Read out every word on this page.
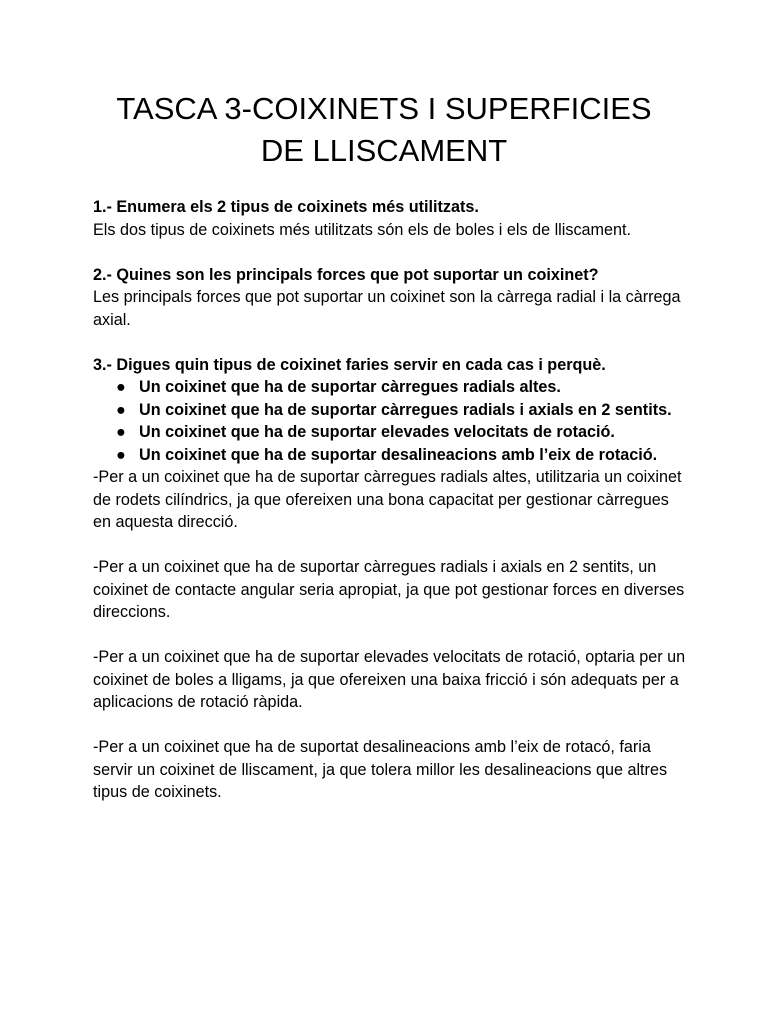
TASCA 3-COIXINETS I SUPERFICIES
DE LLISCAMENT

1.- Enumera els 2 tipus de coixinets més utilitzats.

Els dos tipus de coixinets més utilitzats són els de boles i els de lliscament.

2.- Quines son les principals forces que pot suportar un coixinet?

Les principals forces que pot suportar un coixinet son la càrrega radial i la càrrega axial.

3.- Digues quin tipus de coixinet faries servir en cada cas i perquè.

● Un coixinet que ha de suportar càrregues radials altes.
● Un coixinet que ha de suportar càrregues radials i axials en 2 sentits.
● Un coixinet que ha de suportar elevades velocitats de rotació.
● Un coixinet que ha de suportar desalineacions amb l’eix de rotació.

-Per a un coixinet que ha de suportar càrregues radials altes, utilitzaria un coixinet de rodets cilíndrics, ja que ofereixen una bona capacitat per gestionar càrregues en aquesta direcció.

-Per a un coixinet que ha de suportar càrregues radials i axials en 2 sentits, un coixinet de contacte angular seria apropiat, ja que pot gestionar forces en diverses direccions.

-Per a un coixinet que ha de suportar elevades velocitats de rotació, optaria per un coixinet de boles a lligams, ja que ofereixen una baixa fricció i són adequats per a aplicacions de rotació ràpida.

-Per a un coixinet que ha de suportat desalineacions amb l’eix de rotacó, faria servir un coixinet de lliscament, ja que tolera millor les desalineacions que altres tipus de coixinets.
